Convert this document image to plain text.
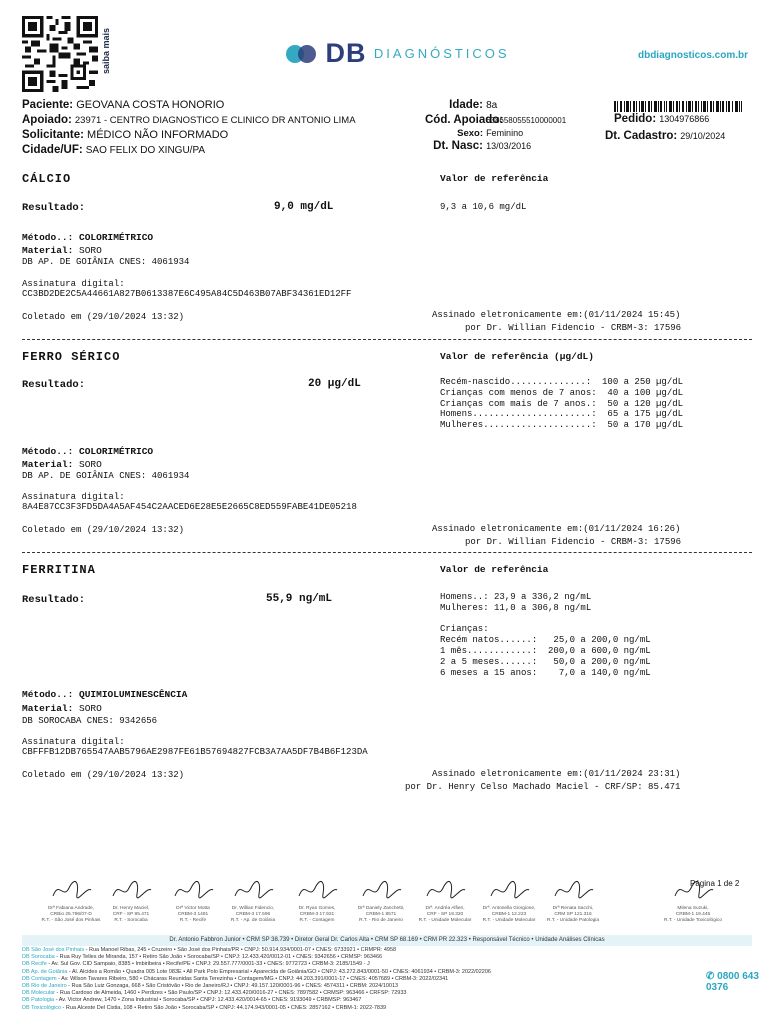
saiba mais	DB DIAGNÓSTICOS	dbdiagnosticos.com.br
Paciente: GEOVANA COSTA HONORIO
Apoiado: 23971 - CENTRO DIAGNOSTICO E CLINICO DR ANTONIO LIMA
Solicitante: MÉDICO NÃO INFORMADO
Cidade/UF: SAO FELIX DO XINGU/PA
Idade: 8a
Cód. Apoiado: 638658055510000001
Sexo: Feminino
Dt. Nasc: 13/03/2016
Pedido: 1304976866
Dt. Cadastro: 29/10/2024
CÁLCIO	Valor de referência
Resultado:	9,0 mg/dL	9,3 a 10,6 mg/dL
Método..: COLORIMÉTRICO
Material: SORO
DB AP. DE GOIÂNIA CNES: 4061934
Assinatura digital:
CC3BD2DE2C5A44661A827B0613387E6C495A84C5D463B07ABF34361ED12FF
Coletado em (29/10/2024 13:32)	Assinado eletronicamente em:(01/11/2024 15:45)
por Dr. Willian Fidencio - CRBM-3: 17596
FERRO SÉRICO	Valor de referência (µg/dL)
Resultado:	20 µg/dL	Recém-nascido..............:  100 a 250 µg/dL
Crianças com menos de 7 anos:  40 a 100 µg/dL
Crianças com mais de 7 anos.:  50 a 120 µg/dL
Homens......................:  65 a 175 µg/dL
Mulheres....................:  50 a 170 µg/dL
Método..: COLORIMÉTRICO
Material: SORO
DB AP. DE GOIÂNIA CNES: 4061934
Assinatura digital:
8A4E87CC3F3FD5DA4A5AF454C2AACED6E28E5E2665C8ED559FABE41DE05218
Coletado em (29/10/2024 13:32)	Assinado eletronicamente em:(01/11/2024 16:26)
por Dr. Willian Fidencio - CRBM-3: 17596
FERRITINA	Valor de referência
Resultado:	55,9 ng/mL	Homens..: 23,9 a 336,2 ng/mL
Mulheres: 11,0 a 306,8 ng/mL

Crianças:
Recém natos......:   25,0 a 200,0 ng/mL
1 mês............:  200,0 a 600,0 ng/mL
2 a 5 meses......:   50,0 a 200,0 ng/mL
6 meses a 15 anos:    7,0 a 140,0 ng/mL
Método..: QUIMIOLUMINESCÊNCIA
Material: SORO
DB SOROCABA CNES: 9342656
Assinatura digital:
CBFFFB12DB765547AAB5796AE2987FE61B57694827FCB3A7AA5DF7B4B6F123DA
Coletado em (29/10/2024 13:32)	Assinado eletronicamente em:(01/11/2024 23:31)
por Dr. Henry Celso Machado Maciel - CRF/SP: 85.471
Página 1 de 2
Drª Fabiana Andrade,
CRBio 25.796/07-D
R.T. - São José dos Pinhais
Dr. Henry Maciel,
CRF - SP 85.471
R.T. - Sorocaba
Drª Victor Motta
CRBM-3 1481
R.T. - Recife
Dr. Willian Fidencio,
CRBM-3 17.596
R.T. - Ap. de Goiânia
Dr. Ryan Gomes,
CRBM-3 17.921
R.T. - Contagem
Drª Daniely Zanchetti,
CRBM-1 8571
R.T. - Rio de Janeiro
Drª. Andréa Alfieri,
CRF - SP 18.320
R.T. - Unidade Molecular
Drª. Antonella Giorgione,
CRBM-1 12.223
R.T. - Unidade Molecular
Drª Renata Sacchi,
CRM SP 121.316
R.T. - Unidade Patologia
Milena Suzuki,
CRBM-1 19.445
R.T. - Unidade Toxicológico
Dr. Antonio Fabbron Junior • CRM SP 38.739 • Diretor Geral Dr. Carlos Alta • CRM SP 68.169 • CRM PR 22.323 • Responsável Técnico • Unidade Análises Clínicas
DB São José dos Pinhais - Rua Manoel Ribas, 245 • Cruzeiro • São José dos Pinhais/PR • CNPJ: 50.914.934/0001-07 • CNES: 6733921 • CRMPR: 4958
DB Sorocaba - Rua Ruy Telles de Miranda, 157 • Retiro São João • Sorocaba/SP • CNPJ: 12.433.420/0012-01 • CNES: 9342656 • CRMSP: 963466
DB Recife - Av. Sul Gov. CID Sampaio, 8385 • Imbiribeira • Recife/PE • CNPJ: 29.557.777/0001-33 • CNES: 9772723 • CRBM-3: 2185/1549 - J
DB Ap. de Goiânia - Al. Alcides a Romão • Quadra 005 Lote 083E • All Park Polo Empresarial • Aparecida de Goiânia/GO • CNPJ: 43.272.843/0001-50 • CNES: 4061934 • CRBM-3: 2022/02206
DB Contagem - Av. Wilson Tavares Ribeiro, 580 • Chácaras Reunidas Santa Terezinha • Contagem/MG • CNPJ: 44.203.391/0001-17 • CNES: 4057689 • CRBM-3: 2022/02341
DB Rio de Janeiro - Rua São Luiz Gonzaga, 668 • São Cristóvão • Rio de Janeiro/RJ • CNPJ: 49.157.120/0001-96 • CNES: 4574311 • CRBM: 2024/10013
DB Molecular - Rua Cardoso de Almeida, 1460 • Perdizes • São Paulo/SP • CNPJ: 12.433.420/0016-27 • CNES: 7897582 • CRMSP: 963466 • CRFSP: 72933
DB Patologia - Av. Victor Andrew, 1470 • Zona Industrial • Sorocaba/SP • CNPJ: 12.433.420/0014-65 • CNES: 9193049 • CRBMSP: 963467
DB Toxicológico - Rua Alceste Del Cistia, 108 • Retiro São João • Sorocaba/SP • CNPJ: 44.174.943/0001-05 • CNES: 2857162 • CRBM-1: 2022-7839
✆ 0800 643 0376
